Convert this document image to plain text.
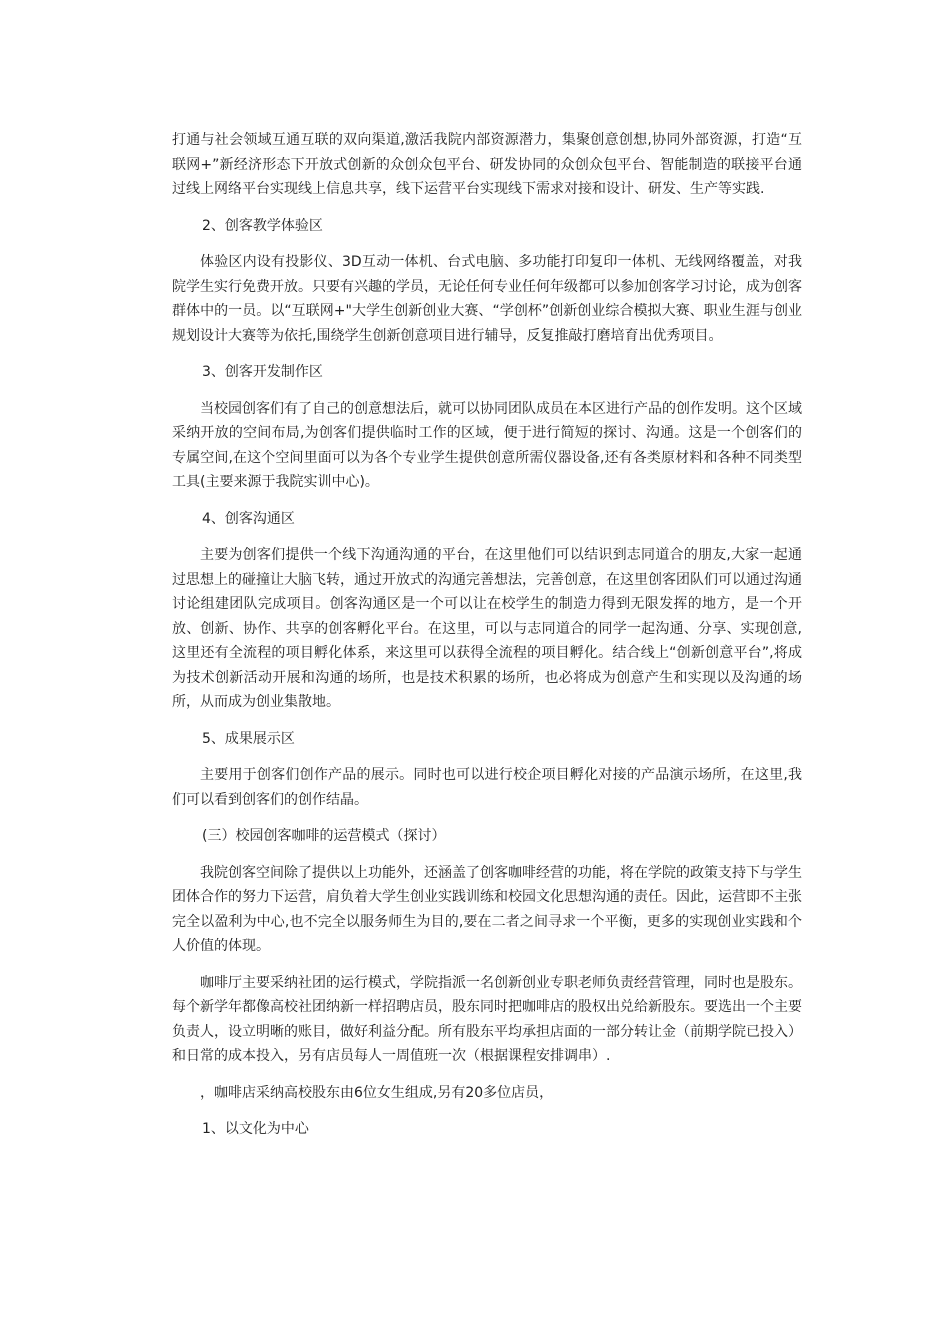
打通与社会领域互通互联的双向渠道,激活我院内部资源潜力，集聚创意创想,协同外部资源，打造“互联网+”新经济形态下开放式创新的众创众包平台、研发协同的众创众包平台、智能制造的联接平台通过线上网络平台实现线上信息共享，线下运营平台实现线下需求对接和设计、研发、生产等实践.

2、创客教学体验区

体验区内设有投影仪、3D互动一体机、台式电脑、多功能打印复印一体机、无线网络覆盖，对我院学生实行免费开放。只要有兴趣的学员，无论任何专业任何年级都可以参加创客学习讨论，成为创客群体中的一员。以“互联网+"大学生创新创业大赛、“学创杯”创新创业综合模拟大赛、职业生涯与创业规划设计大赛等为依托,围绕学生创新创意项目进行辅导，反复推敲打磨培育出优秀项目。

3、创客开发制作区

当校园创客们有了自己的创意想法后，就可以协同团队成员在本区进行产品的创作发明。这个区域采纳开放的空间布局,为创客们提供临时工作的区域，便于进行简短的探讨、沟通。这是一个创客们的专属空间,在这个空间里面可以为各个专业学生提供创意所需仪器设备,还有各类原材料和各种不同类型工具(主要来源于我院实训中心)。

4、创客沟通区

主要为创客们提供一个线下沟通沟通的平台，在这里他们可以结识到志同道合的朋友,大家一起通过思想上的碰撞让大脑飞转，通过开放式的沟通完善想法，完善创意，在这里创客团队们可以通过沟通讨论组建团队完成项目。创客沟通区是一个可以让在校学生的制造力得到无限发挥的地方，是一个开放、创新、协作、共享的创客孵化平台。在这里，可以与志同道合的同学一起沟通、分享、实现创意,这里还有全流程的项目孵化体系，来这里可以获得全流程的项目孵化。结合线上“创新创意平台”,将成为技术创新活动开展和沟通的场所，也是技术积累的场所，也必将成为创意产生和实现以及沟通的场所，从而成为创业集散地。

5、成果展示区

主要用于创客们创作产品的展示。同时也可以进行校企项目孵化对接的产品演示场所，在这里,我们可以看到创客们的创作结晶。

(三）校园创客咖啡的运营模式（探讨）

我院创客空间除了提供以上功能外，还涵盖了创客咖啡经营的功能，将在学院的政策支持下与学生团体合作的努力下运营，肩负着大学生创业实践训练和校园文化思想沟通的责任。因此，运营即不主张完全以盈利为中心,也不完全以服务师生为目的,要在二者之间寻求一个平衡，更多的实现创业实践和个人价值的体现。

咖啡厅主要采纳社团的运行模式，学院指派一名创新创业专职老师负责经营管理，同时也是股东。每个新学年都像高校社团纳新一样招聘店员，股东同时把咖啡店的股权出兑给新股东。要选出一个主要负责人，设立明晰的账目，做好利益分配。所有股东平均承担店面的一部分转让金（前期学院已投入）和日常的成本投入，另有店员每人一周值班一次（根据课程安排调串）.

，咖啡店采纳高校股东由6位女生组成,另有20多位店员，

1、以文化为中心
